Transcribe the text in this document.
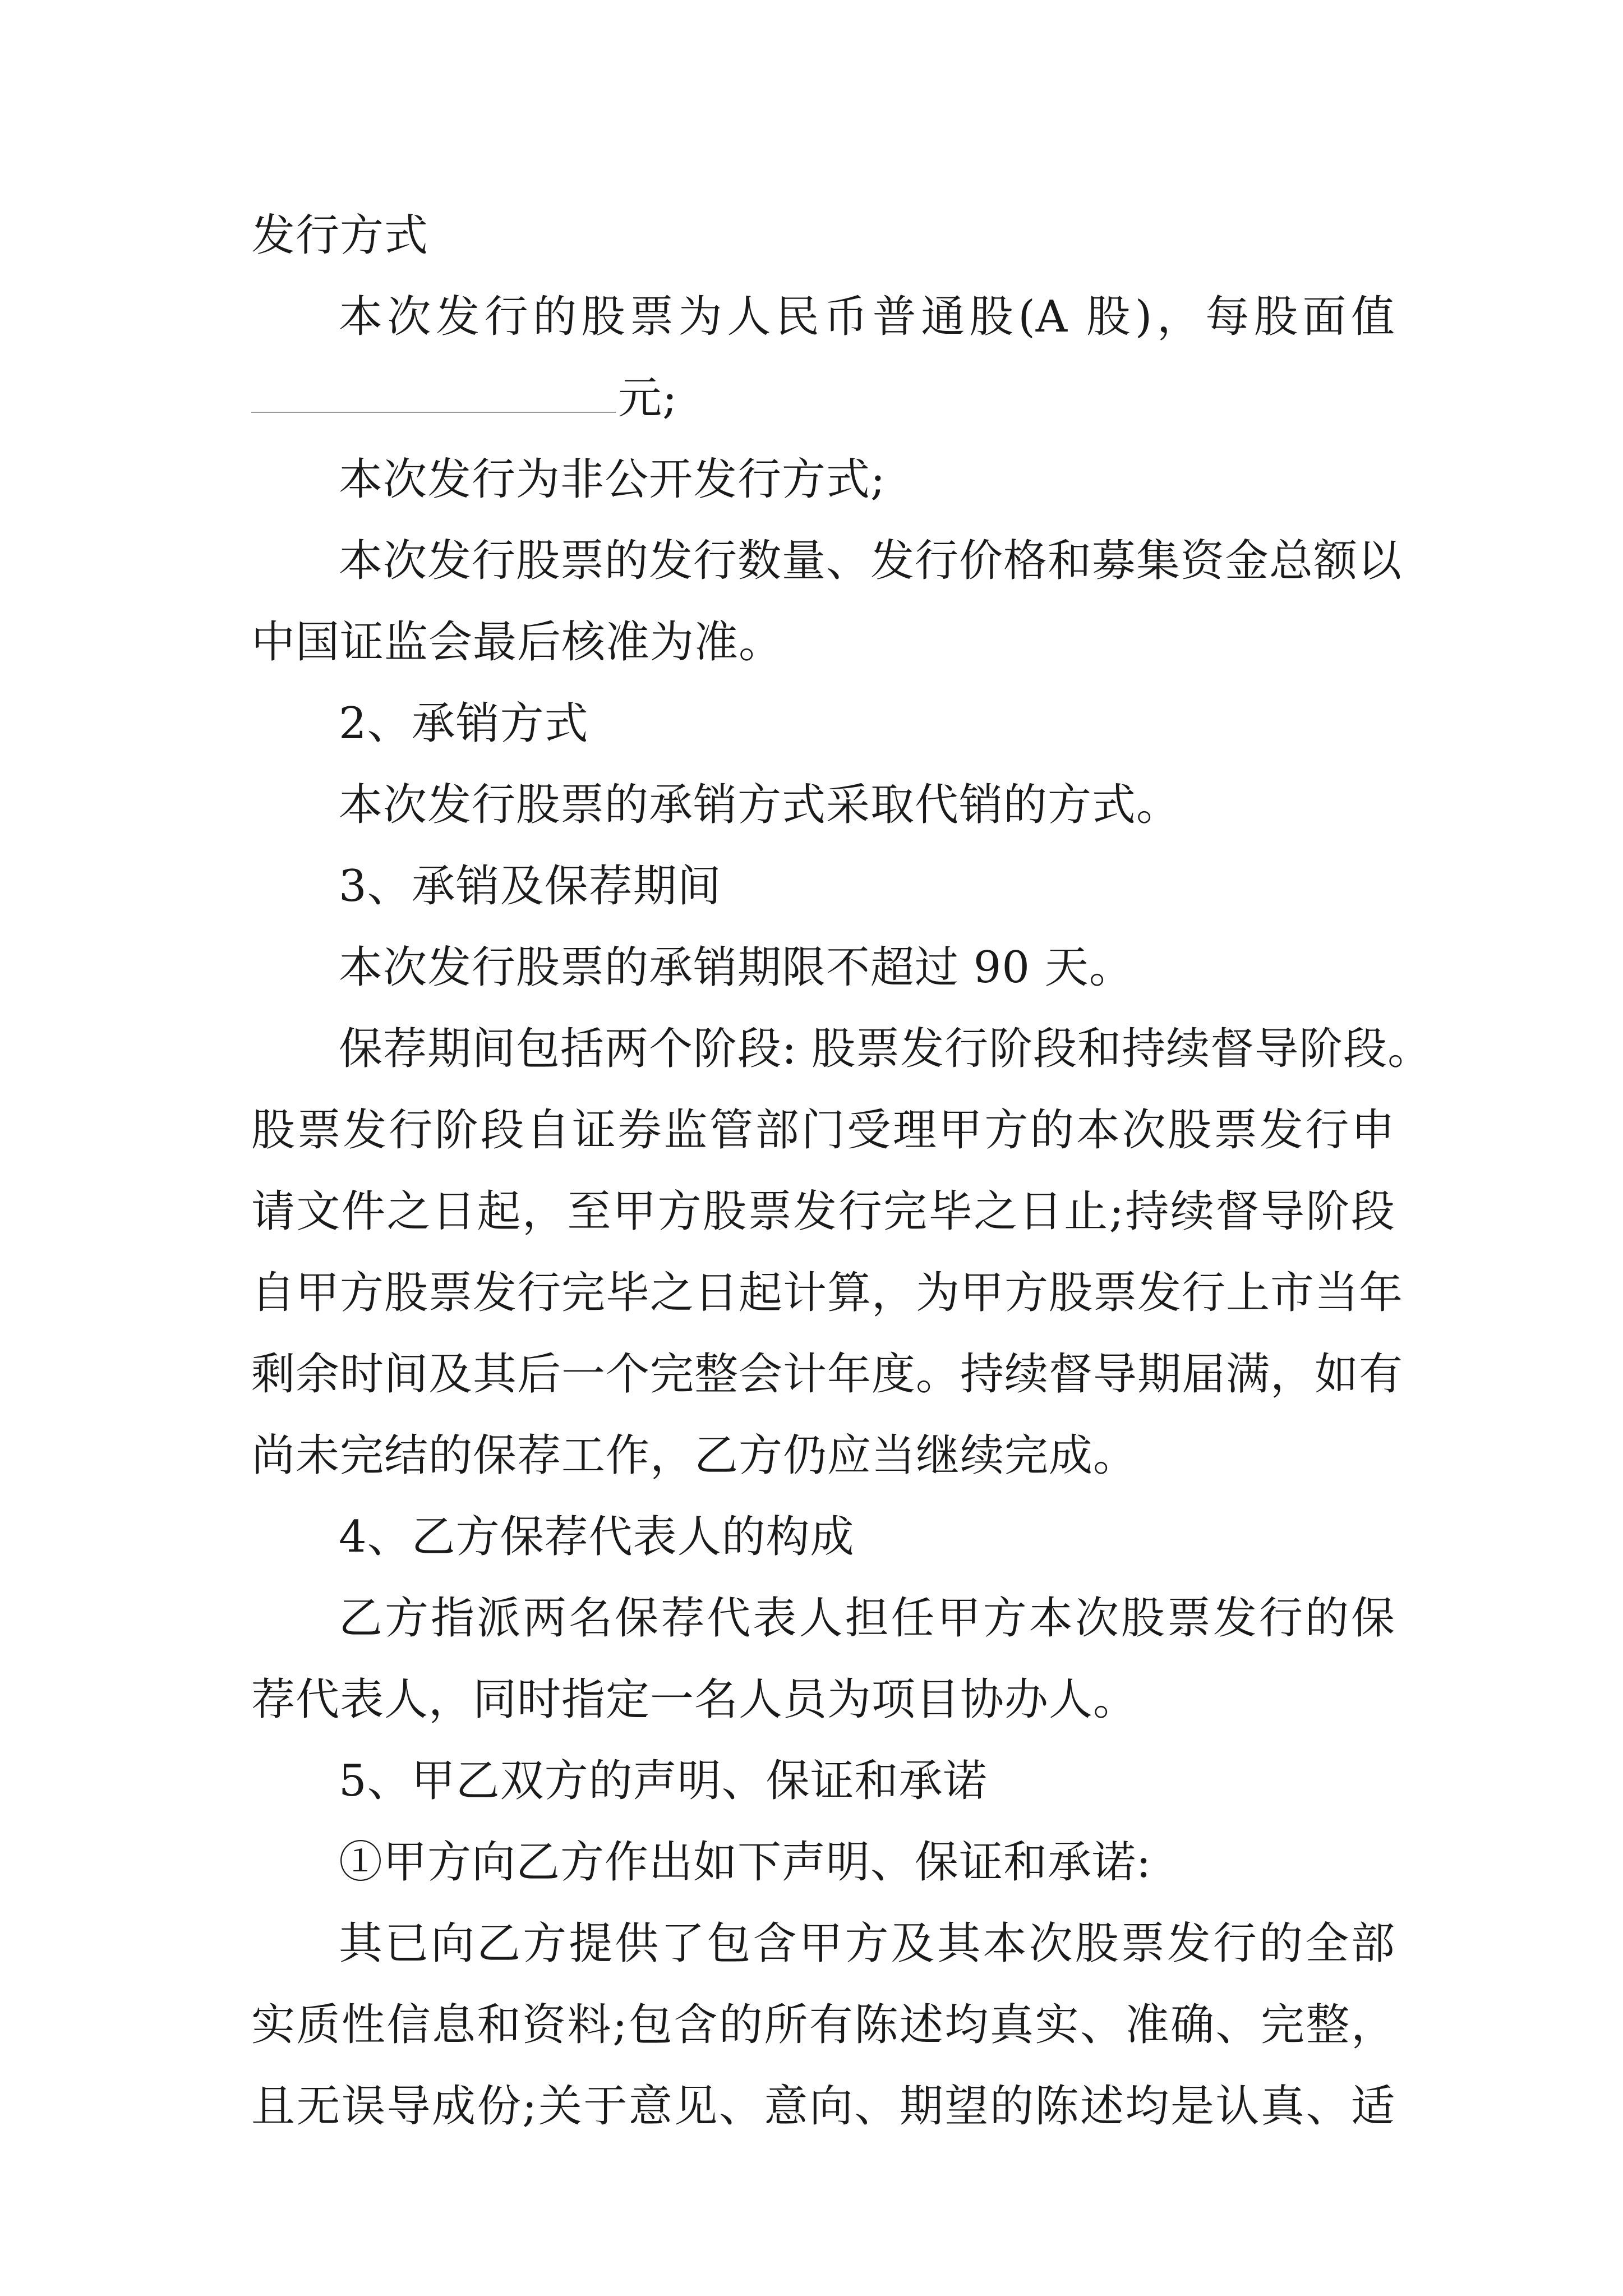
发行方式
本次发行的股票为人民币普通股(A 股)，每股面值
元;
本次发行为非公开发行方式;
本次发行股票的发行数量、发行价格和募集资金总额以
中国证监会最后核准为准。
2、承销方式
本次发行股票的承销方式采取代销的方式。
3、承销及保荐期间
本次发行股票的承销期限不超过 90 天。
保荐期间包括两个阶段: 股票发行阶段和持续督导阶段。
股票发行阶段自证券监管部门受理甲方的本次股票发行申
请文件之日起，至甲方股票发行完毕之日止;持续督导阶段
自甲方股票发行完毕之日起计算，为甲方股票发行上市当年
剩余时间及其后一个完整会计年度。持续督导期届满，如有
尚未完结的保荐工作，乙方仍应当继续完成。
4、乙方保荐代表人的构成
乙方指派两名保荐代表人担任甲方本次股票发行的保
荐代表人，同时指定一名人员为项目协办人。
5、甲乙双方的声明、保证和承诺
①甲方向乙方作出如下声明、保证和承诺:
其已向乙方提供了包含甲方及其本次股票发行的全部
实质性信息和资料;包含的所有陈述均真实、准确、完整，
且无误导成份;关于意见、意向、期望的陈述均是认真、适
